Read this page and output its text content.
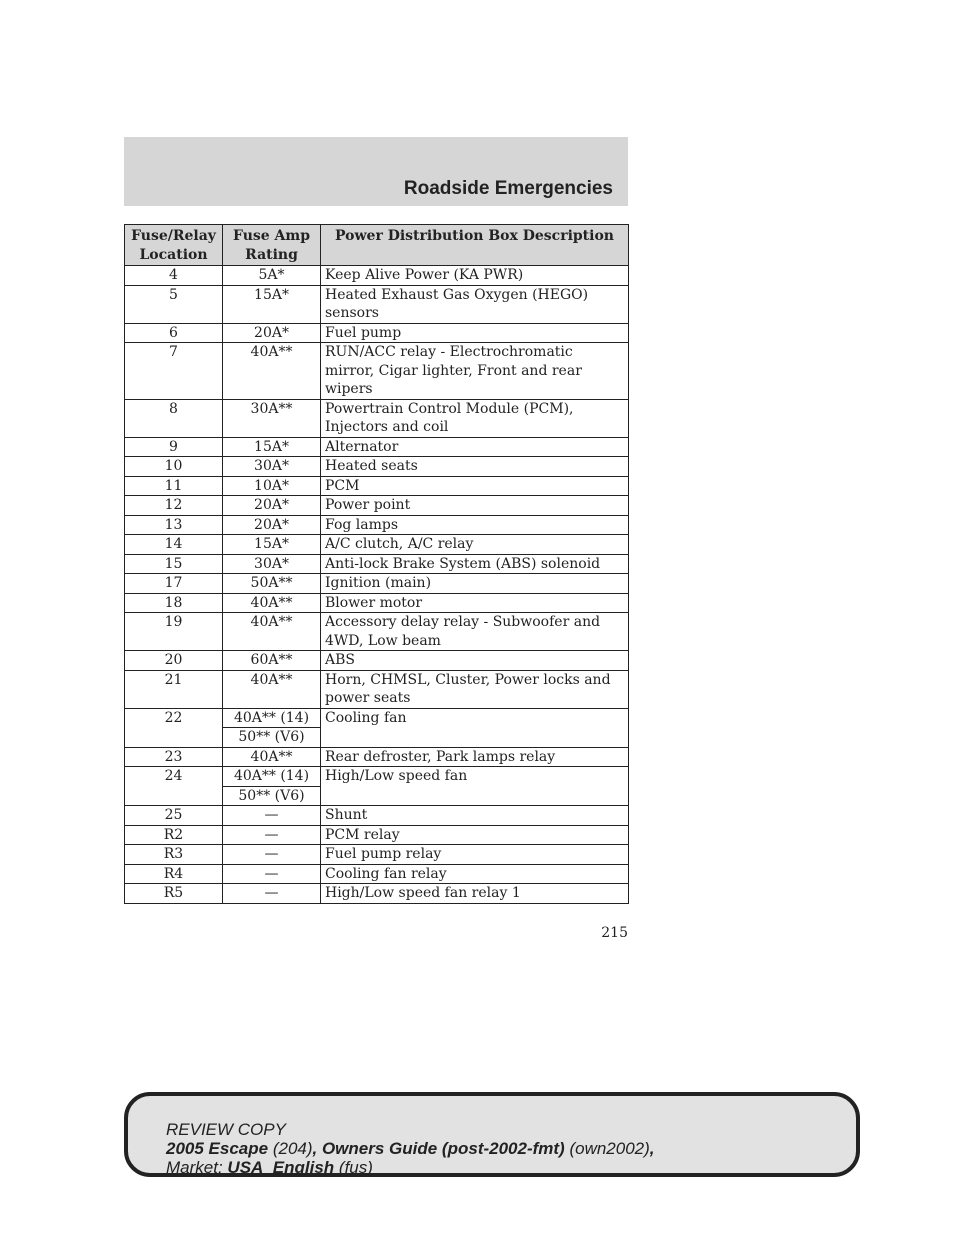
Roadside Emergencies
Fuse/Relay Location	Fuse Amp Rating	Power Distribution Box Description
4	5A*	Keep Alive Power (KA PWR)
5	15A*	Heated Exhaust Gas Oxygen (HEGO) sensors
6	20A*	Fuel pump
7	40A**	RUN/ACC relay - Electrochromatic mirror, Cigar lighter, Front and rear wipers
8	30A**	Powertrain Control Module (PCM), Injectors and coil
9	15A*	Alternator
10	30A*	Heated seats
11	10A*	PCM
12	20A*	Power point
13	20A*	Fog lamps
14	15A*	A/C clutch, A/C relay
15	30A*	Anti-lock Brake System (ABS) solenoid
17	50A**	Ignition (main)
18	40A**	Blower motor
19	40A**	Accessory delay relay - Subwoofer and 4WD, Low beam
20	60A**	ABS
21	40A**	Horn, CHMSL, Cluster, Power locks and power seats
22	40A** (14)	Cooling fan
	50** (V6)	
23	40A**	Rear defroster, Park lamps relay
24	40A** (14)	High/Low speed fan
	50** (V6)	
25	—	Shunt
R2	—	PCM relay
R3	—	Fuel pump relay
R4	—	Cooling fan relay
R5	—	High/Low speed fan relay 1
215
REVIEW COPY
2005 Escape (204), Owners Guide (post-2002-fmt) (own2002),
Market: USA_English (fus)
